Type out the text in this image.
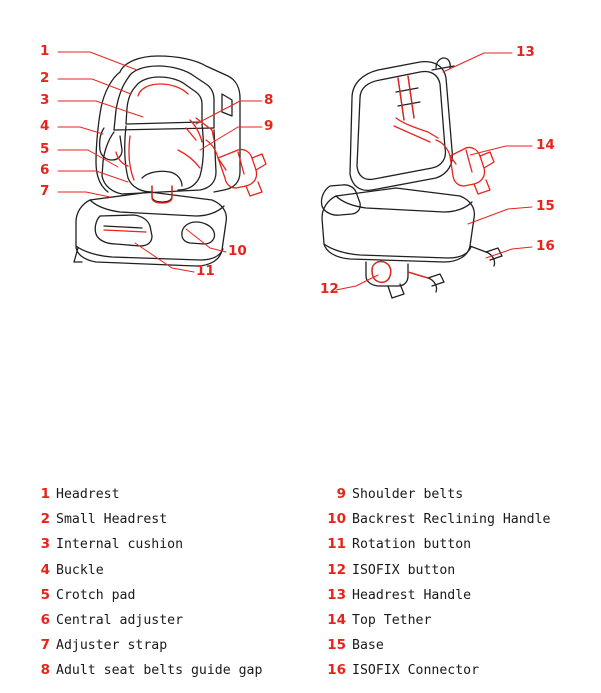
1
2
3
4
5
6
7
8
9
10
11
12
13
14
15
16
1 Headrest
2 Small Headrest
3 Internal cushion
4 Buckle
5 Crotch pad
6 Central adjuster
7 Adjuster strap
8 Adult seat belts guide gap
9 Shoulder belts
10 Backrest Reclining Handle
11 Rotation button
12 ISOFIX button
13 Headrest Handle
14 Top Tether
15 Base
16 ISOFIX Connector
